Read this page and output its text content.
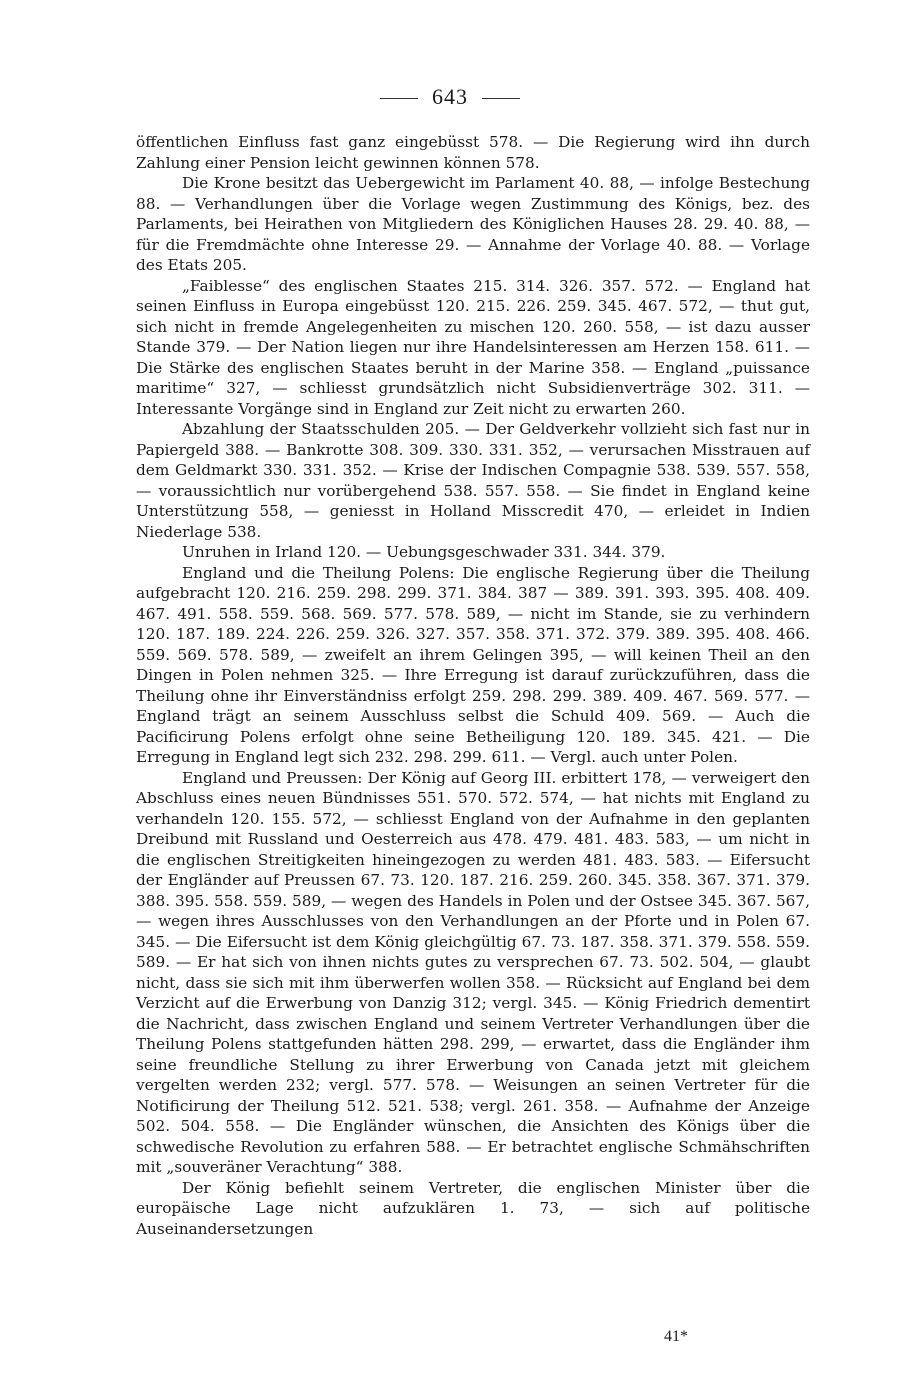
643

öffentlichen Einfluss fast ganz eingebüsst 578. — Die Regierung wird ihn durch Zahlung einer Pension leicht gewinnen können 578.

Die Krone besitzt das Uebergewicht im Parlament 40. 88, — infolge Bestechung 88. — Verhandlungen über die Vorlage wegen Zustimmung des Königs, bez. des Parlaments, bei Heirathen von Mitgliedern des Königlichen Hauses 28. 29. 40. 88, — für die Fremdmächte ohne Interesse 29. — Annahme der Vorlage 40. 88. — Vorlage des Etats 205.

„Faiblesse“ des englischen Staates 215. 314. 326. 357. 572. — England hat seinen Einfluss in Europa eingebüsst 120. 215. 226. 259. 345. 467. 572, — thut gut, sich nicht in fremde Angelegenheiten zu mischen 120. 260. 558, — ist dazu ausser Stande 379. — Der Nation liegen nur ihre Handelsinteressen am Herzen 158. 611. — Die Stärke des englischen Staates beruht in der Marine 358. — England „puissance maritime“ 327, — schliesst grundsätzlich nicht Subsidienverträge 302. 311. — Interessante Vorgänge sind in England zur Zeit nicht zu erwarten 260.

Abzahlung der Staatsschulden 205. — Der Geldverkehr vollzieht sich fast nur in Papiergeld 388. — Bankrotte 308. 309. 330. 331. 352, — verursachen Misstrauen auf dem Geldmarkt 330. 331. 352. — Krise der Indischen Compagnie 538. 539. 557. 558, — voraussichtlich nur vorübergehend 538. 557. 558. — Sie findet in England keine Unterstützung 558, — geniesst in Holland Misscredit 470, — erleidet in Indien Niederlage 538.

Unruhen in Irland 120. — Uebungsgeschwader 331. 344. 379.

England und die Theilung Polens: Die englische Regierung über die Theilung aufgebracht 120. 216. 259. 298. 299. 371. 384. 387 — 389. 391. 393. 395. 408. 409. 467. 491. 558. 559. 568. 569. 577. 578. 589, — nicht im Stande, sie zu verhindern 120. 187. 189. 224. 226. 259. 326. 327. 357. 358. 371. 372. 379. 389. 395. 408. 466. 559. 569. 578. 589, — zweifelt an ihrem Gelingen 395, — will keinen Theil an den Dingen in Polen nehmen 325. — Ihre Erregung ist darauf zurückzuführen, dass die Theilung ohne ihr Einverständniss erfolgt 259. 298. 299. 389. 409. 467. 569. 577. — England trägt an seinem Ausschluss selbst die Schuld 409. 569. — Auch die Pacificirung Polens erfolgt ohne seine Betheiligung 120. 189. 345. 421. — Die Erregung in England legt sich 232. 298. 299. 611. — Vergl. auch unter Polen.

England und Preussen: Der König auf Georg III. erbittert 178, — verweigert den Abschluss eines neuen Bündnisses 551. 570. 572. 574, — hat nichts mit England zu verhandeln 120. 155. 572, — schliesst England von der Aufnahme in den geplanten Dreibund mit Russland und Oesterreich aus 478. 479. 481. 483. 583, — um nicht in die englischen Streitigkeiten hineingezogen zu werden 481. 483. 583. — Eifersucht der Engländer auf Preussen 67. 73. 120. 187. 216. 259. 260. 345. 358. 367. 371. 379. 388. 395. 558. 559. 589, — wegen des Handels in Polen und der Ostsee 345. 367. 567, — wegen ihres Ausschlusses von den Verhandlungen an der Pforte und in Polen 67. 345. — Die Eifersucht ist dem König gleichgültig 67. 73. 187. 358. 371. 379. 558. 559. 589. — Er hat sich von ihnen nichts gutes zu versprechen 67. 73. 502. 504, — glaubt nicht, dass sie sich mit ihm überwerfen wollen 358. — Rücksicht auf England bei dem Verzicht auf die Erwerbung von Danzig 312; vergl. 345. — König Friedrich dementirt die Nachricht, dass zwischen England und seinem Vertreter Verhandlungen über die Theilung Polens stattgefunden hätten 298. 299, — erwartet, dass die Engländer ihm seine freundliche Stellung zu ihrer Erwerbung von Canada jetzt mit gleichem vergelten werden 232; vergl. 577. 578. — Weisungen an seinen Vertreter für die Notificirung der Theilung 512. 521. 538; vergl. 261. 358. — Aufnahme der Anzeige 502. 504. 558. — Die Engländer wünschen, die Ansichten des Königs über die schwedische Revolution zu erfahren 588. — Er betrachtet englische Schmähschriften mit „souveräner Verachtung“ 388.

Der König befiehlt seinem Vertreter, die englischen Minister über die europäische Lage nicht aufzuklären 1. 73, — sich auf politische Auseinandersetzungen

41*
